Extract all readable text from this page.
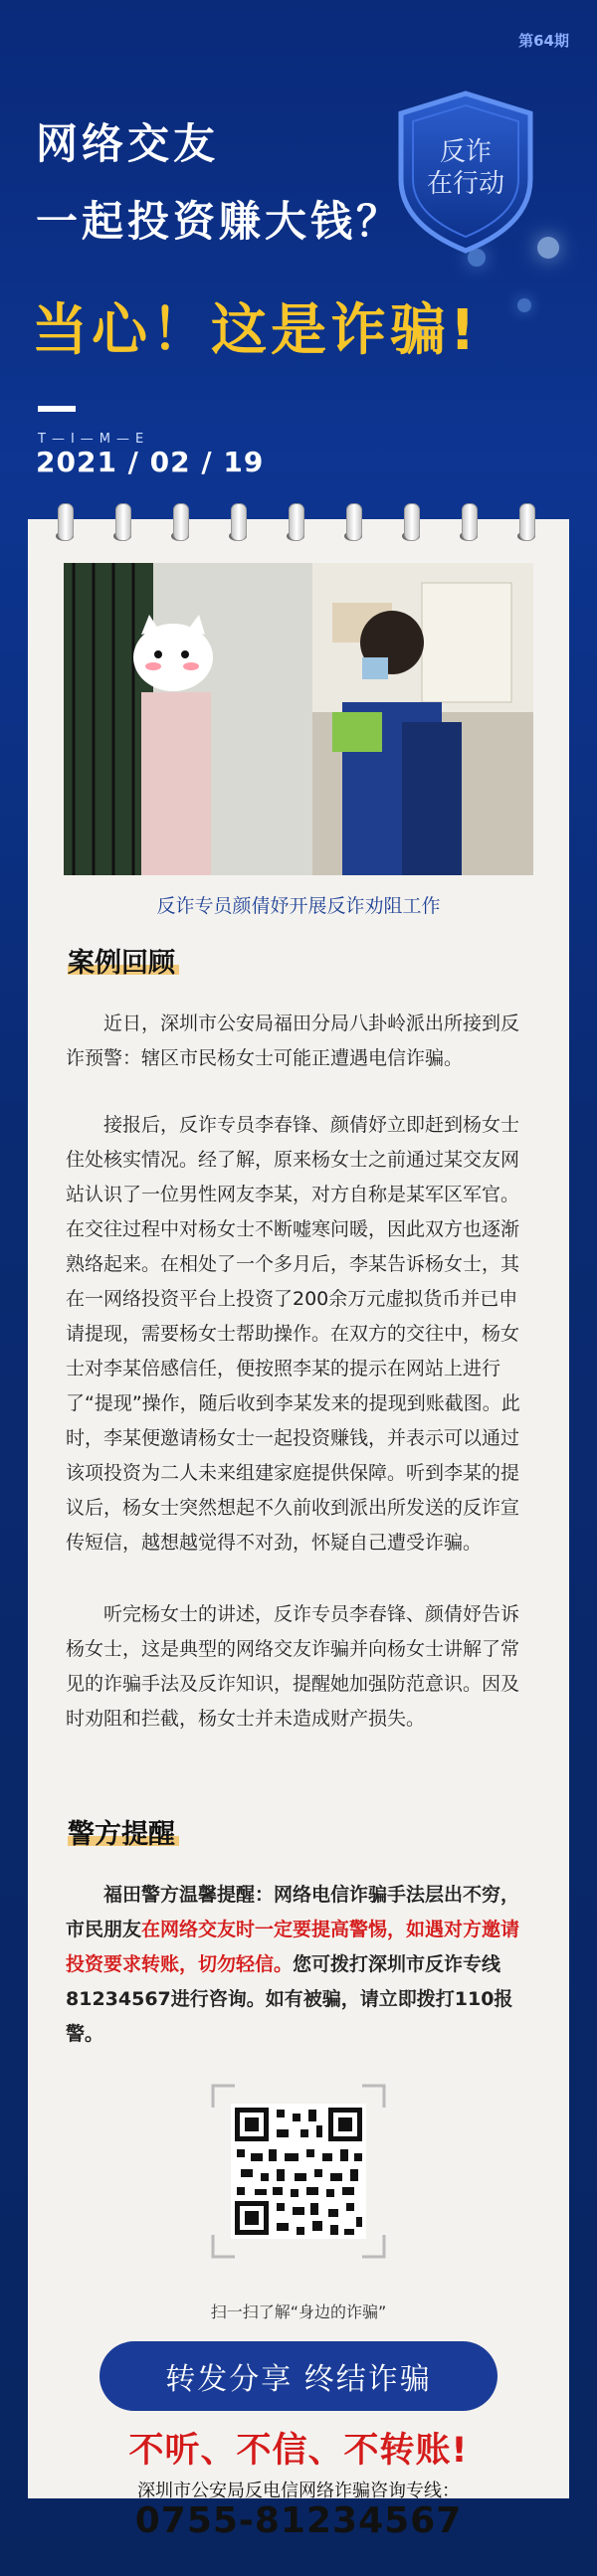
第64期
反诈
在行动
网络交友
一起投资赚大钱？
当心！这是诈骗!
T—I—M—E
2021 / 02 / 19
反诈专员颜倩妤开展反诈劝阻工作
案例回顾
近日，深圳市公安局福田分局八卦岭派出所接到反诈预警：辖区市民杨女士可能正遭遇电信诈骗。
接报后，反诈专员李春锋、颜倩妤立即赶到杨女士住处核实情况。经了解，原来杨女士之前通过某交友网站认识了一位男性网友李某，对方自称是某军区军官。在交往过程中对杨女士不断嘘寒问暖，因此双方也逐渐熟络起来。在相处了一个多月后，李某告诉杨女士，其在一网络投资平台上投资了200余万元虚拟货币并已申请提现，需要杨女士帮助操作。在双方的交往中，杨女士对李某倍感信任，便按照李某的提示在网站上进行了“提现”操作，随后收到李某发来的提现到账截图。此时，李某便邀请杨女士一起投资赚钱，并表示可以通过该项投资为二人未来组建家庭提供保障。听到李某的提议后，杨女士突然想起不久前收到派出所发送的反诈宣传短信，越想越觉得不对劲，怀疑自己遭受诈骗。
听完杨女士的讲述，反诈专员李春锋、颜倩妤告诉杨女士，这是典型的网络交友诈骗并向杨女士讲解了常见的诈骗手法及反诈知识，提醒她加强防范意识。因及时劝阻和拦截，杨女士并未造成财产损失。
警方提醒
福田警方温馨提醒：网络电信诈骗手法层出不穷，市民朋友在网络交友时一定要提高警惕，如遇对方邀请投资要求转账，切勿轻信。您可拨打深圳市反诈专线81234567进行咨询。如有被骗，请立即拨打110报警。
扫一扫了解“身边的诈骗”
转发分享 终结诈骗
不听、不信、不转账!
深圳市公安局反电信网络诈骗咨询专线：
0755-81234567
